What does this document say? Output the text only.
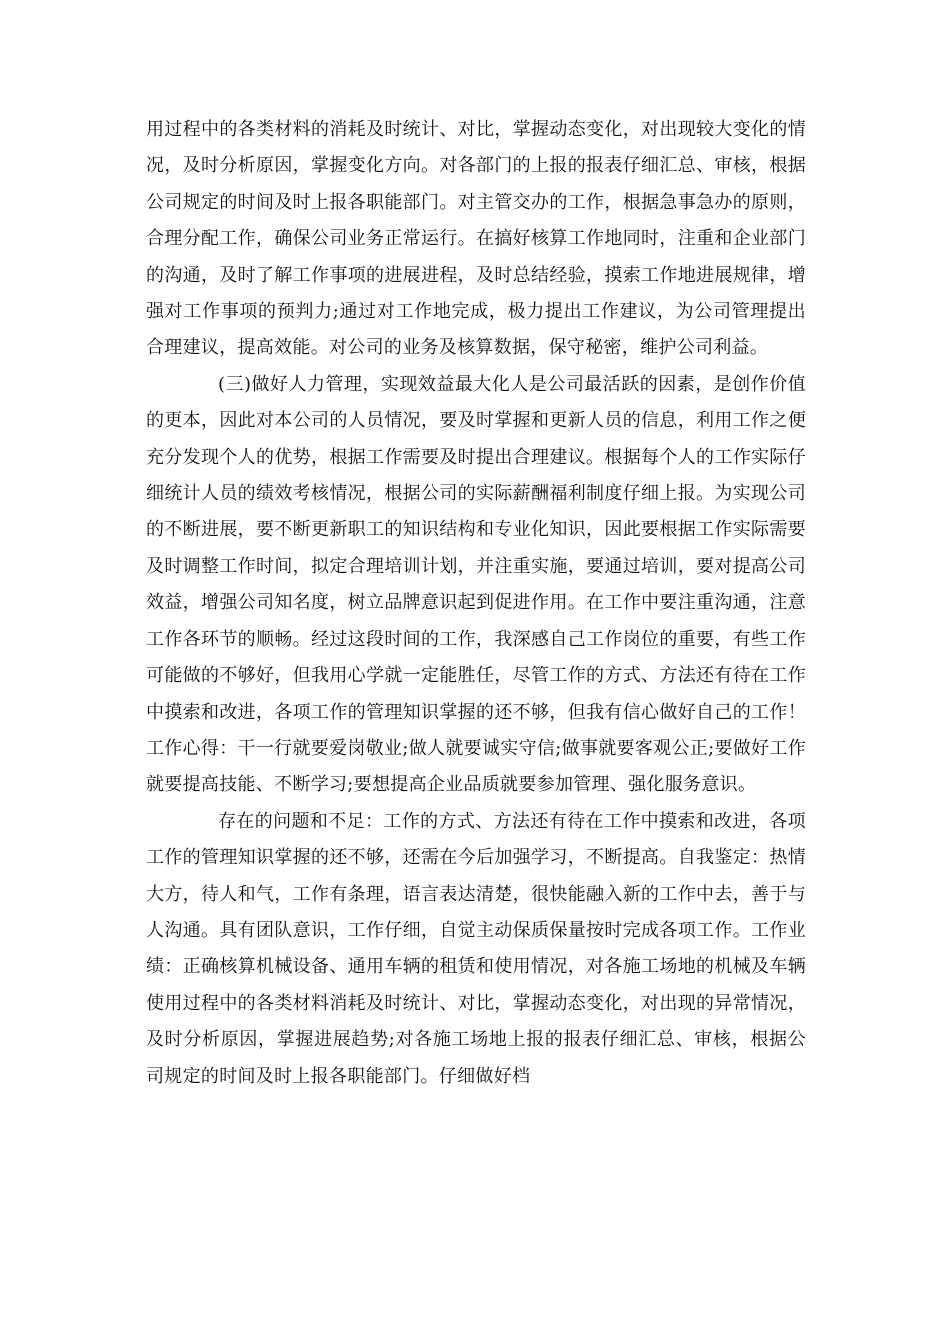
用过程中的各类材料的消耗及时统计、对比，掌握动态变化，对出现较大变化的情况，及时分析原因，掌握变化方向。对各部门的上报的报表仔细汇总、审核，根据公司规定的时间及时上报各职能部门。对主管交办的工作，根据急事急办的原则，合理分配工作，确保公司业务正常运行。在搞好核算工作地同时，注重和企业部门的沟通，及时了解工作事项的进展进程，及时总结经验，摸索工作地进展规律，增强对工作事项的预判力;通过对工作地完成，极力提出工作建议，为公司管理提出合理建议，提高效能。对公司的业务及核算数据，保守秘密，维护公司利益。

(三)做好人力管理，实现效益最大化人是公司最活跃的因素，是创作价值的更本，因此对本公司的人员情况，要及时掌握和更新人员的信息，利用工作之便充分发现个人的优势，根据工作需要及时提出合理建议。根据每个人的工作实际仔细统计人员的绩效考核情况，根据公司的实际薪酬福利制度仔细上报。为实现公司的不断进展，要不断更新职工的知识结构和专业化知识，因此要根据工作实际需要及时调整工作时间，拟定合理培训计划，并注重实施，要通过培训，要对提高公司效益，增强公司知名度，树立品牌意识起到促进作用。在工作中要注重沟通，注意工作各环节的顺畅。经过这段时间的工作，我深感自己工作岗位的重要，有些工作可能做的不够好，但我用心学就一定能胜任，尽管工作的方式、方法还有待在工作中摸索和改进，各项工作的管理知识掌握的还不够，但我有信心做好自己的工作！工作心得：干一行就要爱岗敬业;做人就要诚实守信;做事就要客观公正;要做好工作就要提高技能、不断学习;要想提高企业品质就要参加管理、强化服务意识。

存在的问题和不足：工作的方式、方法还有待在工作中摸索和改进，各项工作的管理知识掌握的还不够，还需在今后加强学习，不断提高。自我鉴定：热情大方，待人和气，工作有条理，语言表达清楚，很快能融入新的工作中去，善于与人沟通。具有团队意识，工作仔细，自觉主动保质保量按时完成各项工作。工作业绩：正确核算机械设备、通用车辆的租赁和使用情况，对各施工场地的机械及车辆使用过程中的各类材料消耗及时统计、对比，掌握动态变化，对出现的异常情况，及时分析原因，掌握进展趋势;对各施工场地上报的报表仔细汇总、审核，根据公司规定的时间及时上报各职能部门。仔细做好档
